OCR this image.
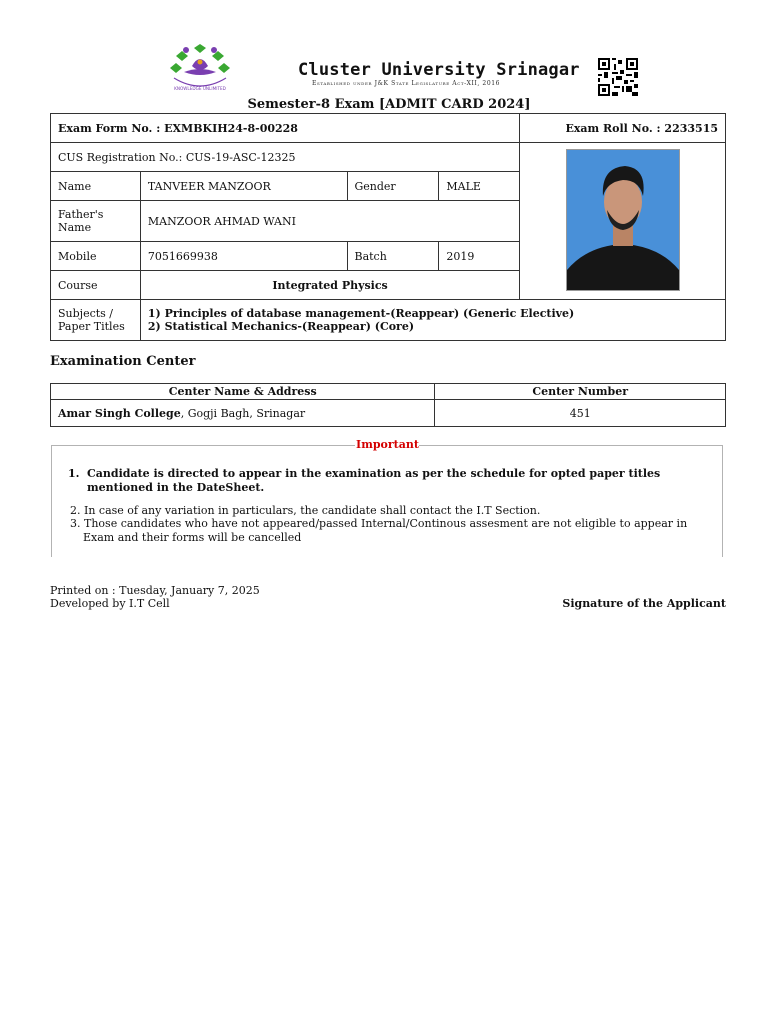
KNOWLEDGE UNLIMITED
Cluster University Srinagar
Established under J&K State Legislature Act-XII, 2016
Semester-8 Exam [ADMIT CARD 2024]
Exam Form No. : EXMBKIH24-8-00228				Exam Roll No. : 2233515
CUS Registration No.: CUS-19-ASC-12325	
Name	TANVEER MANZOOR	Gender	MALE	
Father's Name	MANZOOR AHMAD WANI			
Mobile	7051669938	Batch	2019	
Course	Integrated Physics			
Subjects / Paper Titles	1) Principles of database management-(Reappear) (Generic Elective)
2) Statistical Mechanics-(Reappear) (Core)			
Examination Center
Center Name & Address	Center Number
Amar Singh College, Gogji Bagh, Srinagar	451
Important
1. Candidate is directed to appear in the examination as per the schedule for opted paper titles mentioned in the DateSheet.
2. In case of any variation in particulars, the candidate shall contact the I.T Section.
3. Those candidates who have not appeared/passed Internal/Continous assesment are not eligible to appear in Exam and their forms will be cancelled
Printed on : Tuesday, January 7, 2025
Developed by I.T Cell	Signature of the Applicant
